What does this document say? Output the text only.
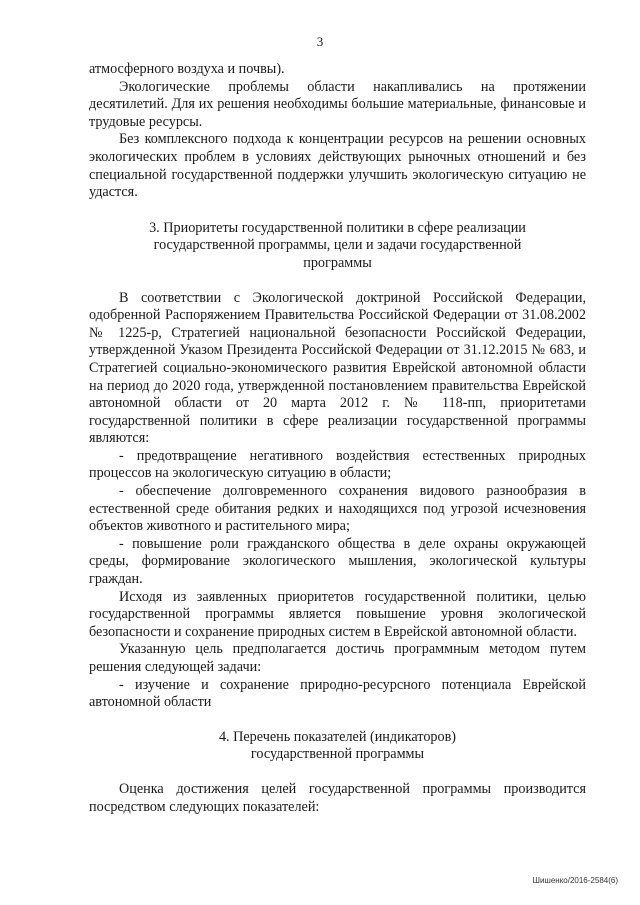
3

атмосферного воздуха и почвы).

Экологические проблемы области накапливались на протяжении десятилетий. Для их решения необходимы большие материальные, финансовые и трудовые ресурсы.

Без комплексного подхода к концентрации ресурсов на решении основных экологических проблем в условиях действующих рыночных отношений и без специальной государственной поддержки улучшить экологическую ситуацию не удастся.

3. Приоритеты государственной политики в сфере реализации государственной программы, цели и задачи государственной программы

В соответствии с Экологической доктриной Российской Федерации, одобренной Распоряжением Правительства Российской Федерации от 31.08.2002 № 1225-р, Стратегией национальной безопасности Российской Федерации, утвержденной Указом Президента Российской Федерации от 31.12.2015 № 683, и Стратегией социально-экономического развития Еврейской автономной области на период до 2020 года, утвержденной постановлением правительства Еврейской автономной области от 20 марта 2012 г. № 118-пп, приоритетами государственной политики в сфере реализации государственной программы являются:

- предотвращение негативного воздействия естественных природных процессов на экологическую ситуацию в области;

- обеспечение долговременного сохранения видового разнообразия в естественной среде обитания редких и находящихся под угрозой исчезновения объектов животного и растительного мира;

- повышение роли гражданского общества в деле охраны окружающей среды, формирование экологического мышления, экологической культуры граждан.

Исходя из заявленных приоритетов государственной политики, целью государственной программы является повышение уровня экологической безопасности и сохранение природных систем в Еврейской автономной области.

Указанную цель предполагается достичь программным методом путем решения следующей задачи:

- изучение и сохранение природно-ресурсного потенциала Еврейской автономной области

4. Перечень показателей (индикаторов) государственной программы

Оценка достижения целей государственной программы производится посредством следующих показателей:

Шишенко/2016-2584(6)
